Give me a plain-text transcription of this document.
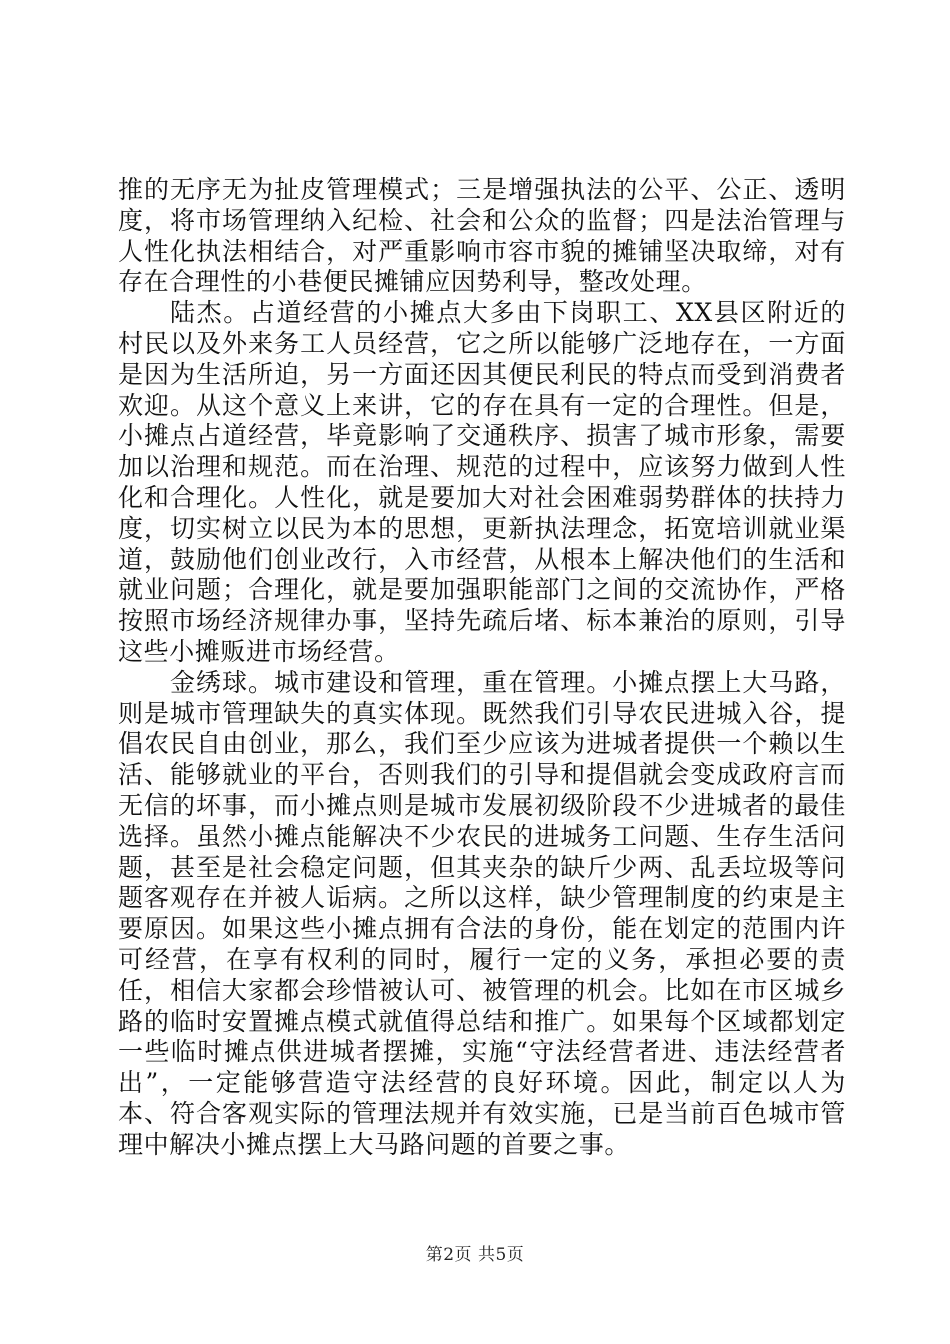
推的无序无为扯皮管理模式；三是增强执法的公平、公正、透明度，将市场管理纳入纪检、社会和公众的监督；四是法治管理与人性化执法相结合，对严重影响市容市貌的摊铺坚决取缔，对有存在合理性的小巷便民摊铺应因势利导，整改处理。

陆杰。占道经营的小摊点大多由下岗职工、XX县区附近的村民以及外来务工人员经营，它之所以能够广泛地存在，一方面是因为生活所迫，另一方面还因其便民利民的特点而受到消费者欢迎。从这个意义上来讲，它的存在具有一定的合理性。但是，小摊点占道经营，毕竟影响了交通秩序、损害了城市形象，需要加以治理和规范。而在治理、规范的过程中，应该努力做到人性化和合理化。人性化，就是要加大对社会困难弱势群体的扶持力度，切实树立以民为本的思想，更新执法理念，拓宽培训就业渠道，鼓励他们创业改行，入市经营，从根本上解决他们的生活和就业问题；合理化，就是要加强职能部门之间的交流协作，严格按照市场经济规律办事，坚持先疏后堵、标本兼治的原则，引导这些小摊贩进市场经营。

金绣球。城市建设和管理，重在管理。小摊点摆上大马路，则是城市管理缺失的真实体现。既然我们引导农民进城入谷，提倡农民自由创业，那么，我们至少应该为进城者提供一个赖以生活、能够就业的平台，否则我们的引导和提倡就会变成政府言而无信的坏事，而小摊点则是城市发展初级阶段不少进城者的最佳选择。虽然小摊点能解决不少农民的进城务工问题、生存生活问题，甚至是社会稳定问题，但其夹杂的缺斤少两、乱丢垃圾等问题客观存在并被人诟病。之所以这样，缺少管理制度的约束是主要原因。如果这些小摊点拥有合法的身份，能在划定的范围内许可经营，在享有权利的同时，履行一定的义务，承担必要的责任，相信大家都会珍惜被认可、被管理的机会。比如在市区城乡路的临时安置摊点模式就值得总结和推广。如果每个区域都划定一些临时摊点供进城者摆摊，实施“守法经营者进、违法经营者出”，一定能够营造守法经营的良好环境。因此，制定以人为本、符合客观实际的管理法规并有效实施，已是当前百色城市管理中解决小摊点摆上大马路问题的首要之事。

第2页 共5页
